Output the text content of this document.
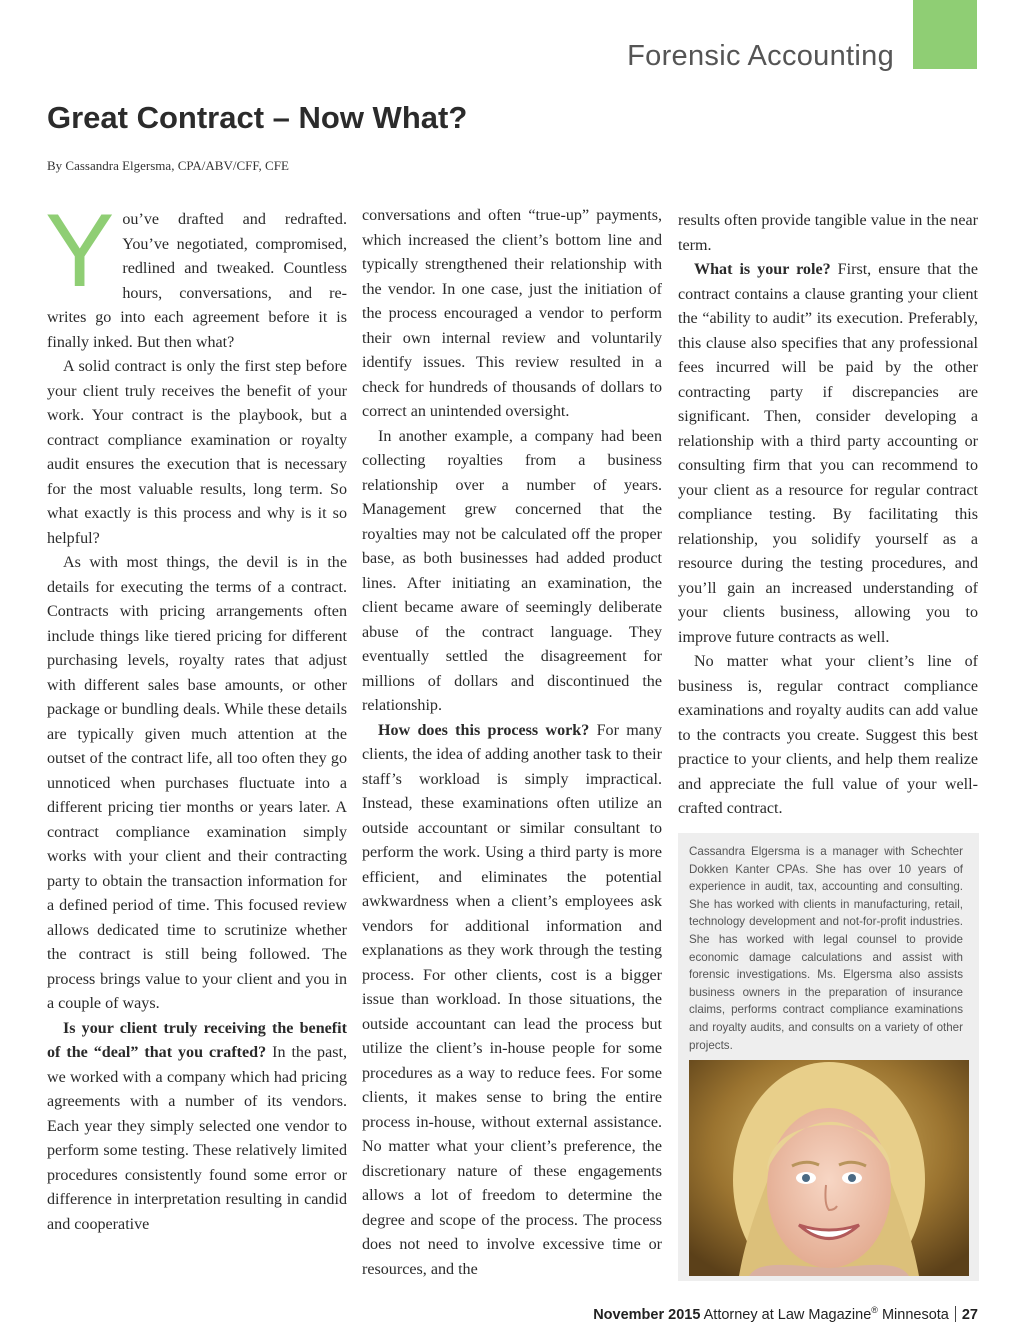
Forensic Accounting
Great Contract – Now What?
By Cassandra Elgersma, CPA/ABV/CFF, CFE

You’ve drafted and redrafted. You’ve negotiated, compromised, redlined and tweaked. Countless hours, conversations, and re-writes go into each agreement before it is finally inked. But then what?

A solid contract is only the first step before your client truly receives the benefit of your work. Your contract is the playbook, but a contract compliance examination or royalty audit ensures the execution that is necessary for the most valuable results, long term. So what exactly is this process and why is it so helpful?

As with most things, the devil is in the details for executing the terms of a contract. Contracts with pricing arrangements often include things like tiered pricing for different purchasing levels, royalty rates that adjust with different sales base amounts, or other package or bundling deals. While these details are typically given much attention at the outset of the contract life, all too often they go unnoticed when purchases fluctuate into a different pricing tier months or years later. A contract compliance examination simply works with your client and their contracting party to obtain the transaction information for a defined period of time. This focused review allows dedicated time to scrutinize whether the contract is still being followed. The process brings value to your client and you in a couple of ways.

Is your client truly receiving the benefit of the “deal” that you crafted? In the past, we worked with a company which had pricing agreements with a number of its vendors. Each year they simply selected one vendor to perform some testing. These relatively limited procedures consistently found some error or difference in interpretation resulting in candid and cooperative

conversations and often “true-up” payments, which increased the client’s bottom line and typically strengthened their relationship with the vendor. In one case, just the initiation of the process encouraged a vendor to perform their own internal review and voluntarily identify issues. This review resulted in a check for hundreds of thousands of dollars to correct an unintended oversight.

In another example, a company had been collecting royalties from a business relationship over a number of years. Management grew concerned that the royalties may not be calculated off the proper base, as both businesses had added product lines. After initiating an examination, the client became aware of seemingly deliberate abuse of the contract language. They eventually settled the disagreement for millions of dollars and discontinued the relationship.

How does this process work? For many clients, the idea of adding another task to their staff’s workload is simply impractical. Instead, these examinations often utilize an outside accountant or similar consultant to perform the work. Using a third party is more efficient, and eliminates the potential awkwardness when a client’s employees ask vendors for additional information and explanations as they work through the testing process. For other clients, cost is a bigger issue than workload. In those situations, the outside accountant can lead the process but utilize the client’s in-house people for some procedures as a way to reduce fees. For some clients, it makes sense to bring the entire process in-house, without external assistance. No matter what your client’s preference, the discretionary nature of these engagements allows a lot of freedom to determine the degree and scope of the process. The process does not need to involve excessive time or resources, and the

results often provide tangible value in the near term.

What is your role? First, ensure that the contract contains a clause granting your client the “ability to audit” its execution. Preferably, this clause also specifies that any professional fees incurred will be paid by the other contracting party if discrepancies are significant. Then, consider developing a relationship with a third party accounting or consulting firm that you can recommend to your client as a resource for regular contract compliance testing. By facilitating this relationship, you solidify yourself as a resource during the testing procedures, and you’ll gain an increased understanding of your clients business, allowing you to improve future contracts as well.

No matter what your client’s line of business is, regular contract compliance examinations and royalty audits can add value to the contracts you create. Suggest this best practice to your clients, and help them realize and appreciate the full value of your well-crafted contract.

Cassandra Elgersma is a manager with Schechter Dokken Kanter CPAs. She has over 10 years of experience in audit, tax, accounting and consulting. She has worked with clients in manufacturing, retail, technology development and not-for-profit industries. She has worked with legal counsel to provide economic damage calculations and assist with forensic investigations. Ms. Elgersma also assists business owners in the preparation of insurance claims, performs contract compliance examinations and royalty audits, and consults on a variety of other projects.

November 2015 Attorney at Law Magazine® Minnesota 27
